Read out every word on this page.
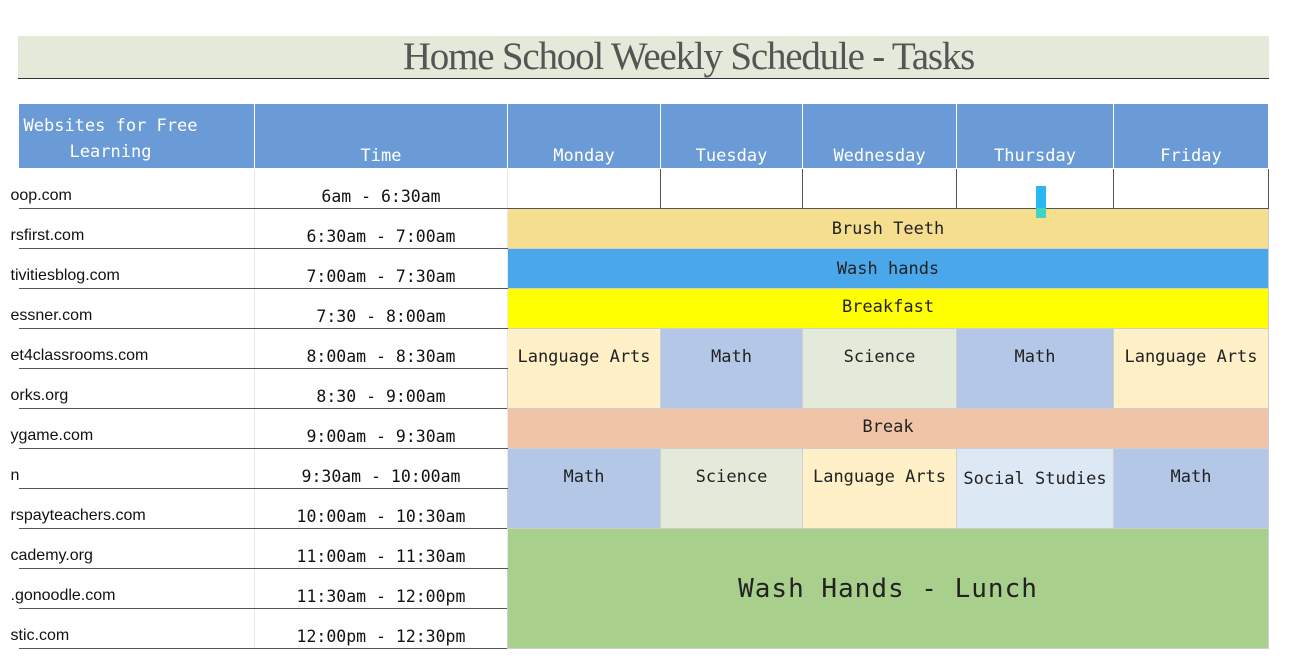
Home School Weekly Schedule - Tasks
Websites for Free
Learning	Time	Monday	Tuesday	Wednesday	Thursday	Friday

oop.com	6am - 6:30am					

rsfirst.com	6:30am - 7:00am	Brush Teeth				

tivitiesblog.com	7:00am - 7:30am	Wash hands				

essner.com	7:30 - 8:00am	Breakfast				

et4classrooms.com	8:00am - 8:30am	Language Arts	Math	Science	Math	Language Arts

orks.org	8:30 - 9:00am					

ygame.com	9:00am - 9:30am	Break				

n	9:30am - 10:00am	Math	Science	Language Arts	Social Studies	Math

rspayteachers.com	10:00am - 10:30am					

cademy.org	11:00am - 11:30am	Wash Hands - Lunch				

.gonoodle.com	11:30am - 12:00pm					

stic.com	12:00pm - 12:30pm					
